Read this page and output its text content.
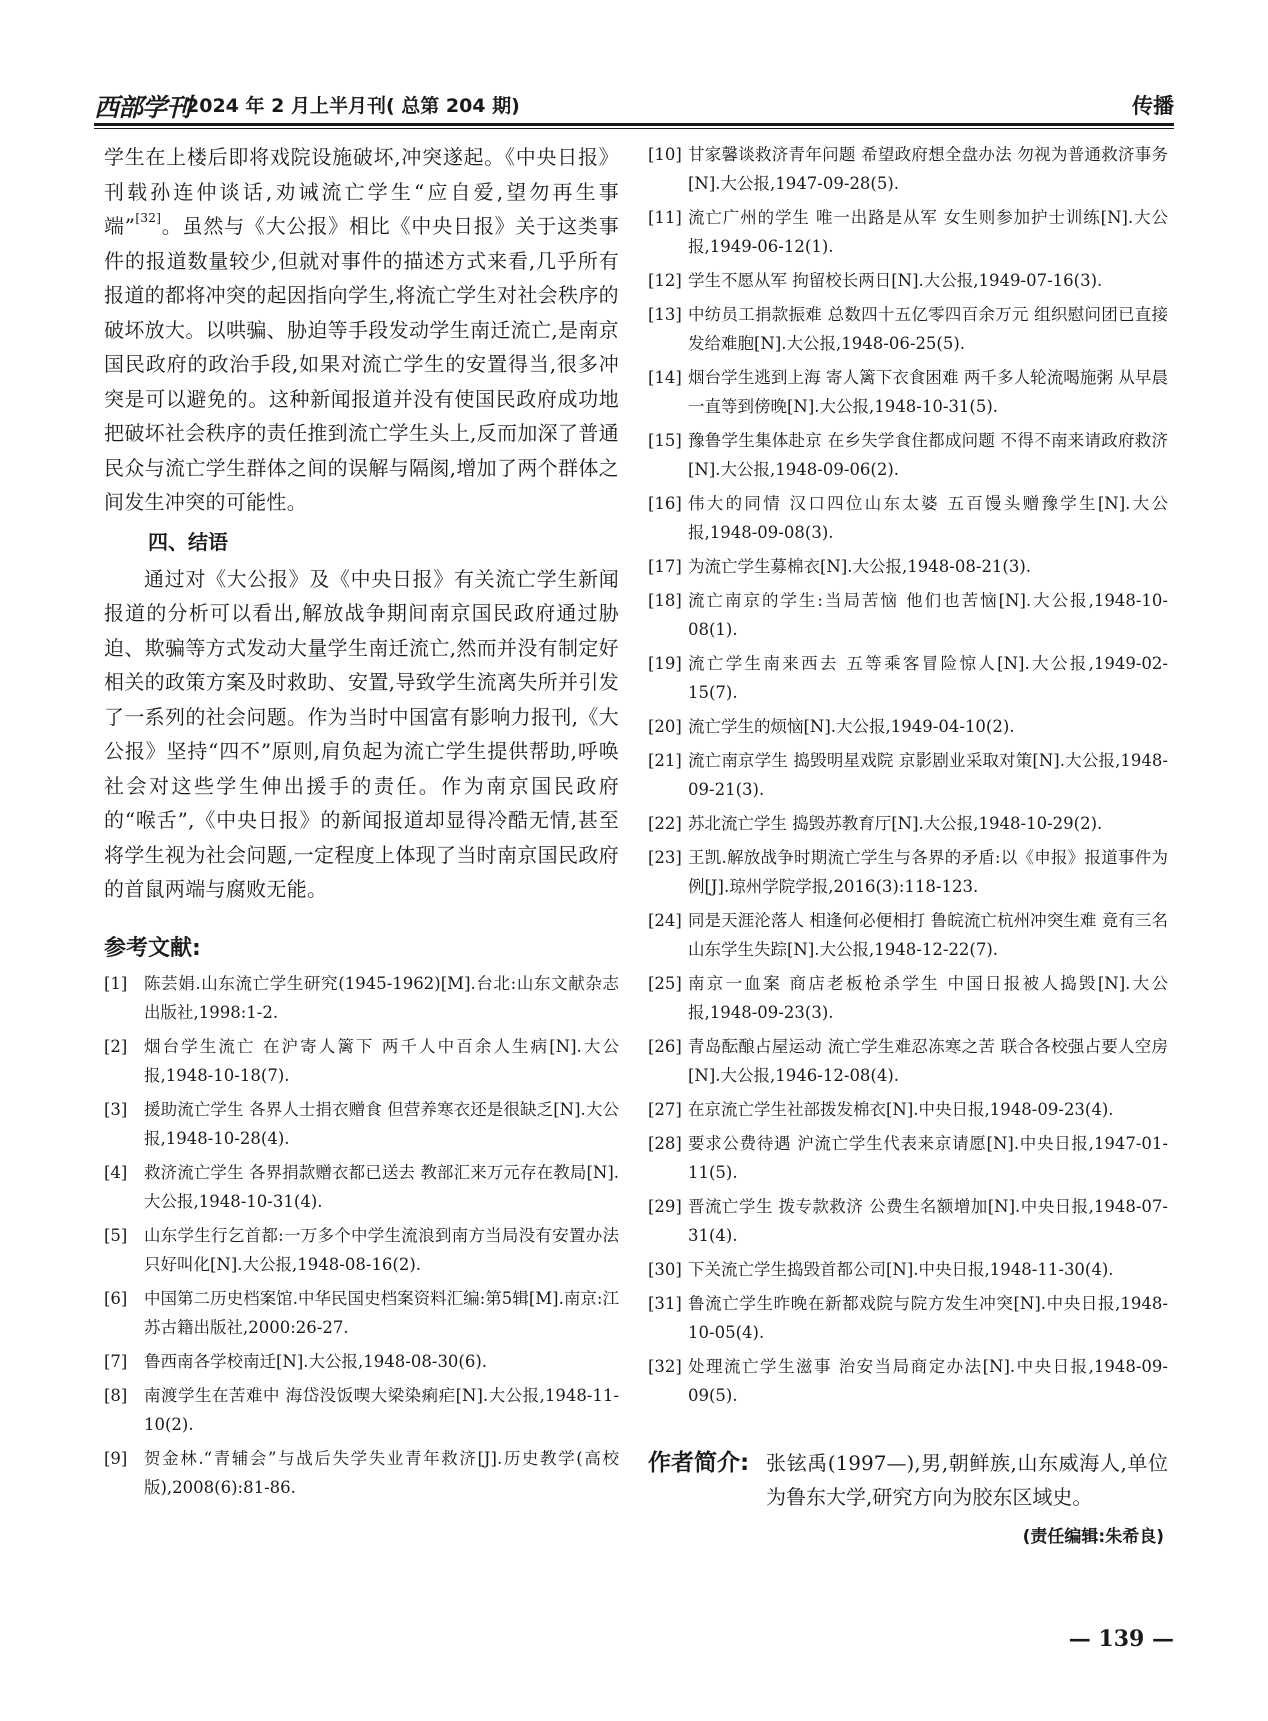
西部学刊
2024 年 2 月上半月刊( 总第 204 期)	传播

学生在上楼后即将戏院设施破坏,冲突遂起。《中央日报》刊载孙连仲谈话,劝诫流亡学生“应自爱,望勿再生事端”[32]。虽然与《大公报》相比《中央日报》关于这类事件的报道数量较少,但就对事件的描述方式来看,几乎所有报道的都将冲突的起因指向学生,将流亡学生对社会秩序的破坏放大。以哄骗、胁迫等手段发动学生南迁流亡,是南京国民政府的政治手段,如果对流亡学生的安置得当,很多冲突是可以避免的。这种新闻报道并没有使国民政府成功地把破坏社会秩序的责任推到流亡学生头上,反而加深了普通民众与流亡学生群体之间的误解与隔阂,增加了两个群体之间发生冲突的可能性。

四、结语

通过对《大公报》及《中央日报》有关流亡学生新闻报道的分析可以看出,解放战争期间南京国民政府通过胁迫、欺骗等方式发动大量学生南迁流亡,然而并没有制定好相关的政策方案及时救助、安置,导致学生流离失所并引发了一系列的社会问题。作为当时中国富有影响力报刊,《大公报》坚持“四不”原则,肩负起为流亡学生提供帮助,呼唤社会对这些学生伸出援手的责任。作为南京国民政府的“喉舌”,《中央日报》的新闻报道却显得冷酷无情,甚至将学生视为社会问题,一定程度上体现了当时南京国民政府的首鼠两端与腐败无能。

参考文献:

[1] 陈芸娟.山东流亡学生研究(1945-1962)[M].台北:山东文献杂志出版社,1998:1-2.

[2] 烟台学生流亡 在沪寄人篱下 两千人中百余人生病[N].大公报,1948-10-18(7).

[3] 援助流亡学生 各界人士捐衣赠食 但营养寒衣还是很缺乏[N].大公报,1948-10-28(4).

[4] 救济流亡学生 各界捐款赠衣都已送去 教部汇来万元存在教局[N].大公报,1948-10-31(4).

[5] 山东学生行乞首都:一万多个中学生流浪到南方当局没有安置办法只好叫化[N].大公报,1948-08-16(2).

[6] 中国第二历史档案馆.中华民国史档案资料汇编:第5辑[M].南京:江苏古籍出版社,2000:26-27.

[7] 鲁西南各学校南迁[N].大公报,1948-08-30(6).

[8] 南渡学生在苦难中 海岱没饭喫大梁染痢疟[N].大公报,1948-11-10(2).

[9] 贺金林.“青辅会”与战后失学失业青年救济[J].历史教学(高校版),2008(6):81-86.

[10] 甘家馨谈救济青年问题 希望政府想全盘办法 勿视为普通救济事务[N].大公报,1947-09-28(5).

[11] 流亡广州的学生 唯一出路是从军 女生则参加护士训练[N].大公报,1949-06-12(1).

[12] 学生不愿从军 拘留校长两日[N].大公报,1949-07-16(3).

[13] 中纺员工捐款振难 总数四十五亿零四百余万元 组织慰问团已直接发给难胞[N].大公报,1948-06-25(5).

[14] 烟台学生逃到上海 寄人篱下衣食困难 两千多人轮流喝施粥 从早晨一直等到傍晚[N].大公报,1948-10-31(5).

[15] 豫鲁学生集体赴京 在乡失学食住都成问题 不得不南来请政府救济[N].大公报,1948-09-06(2).

[16] 伟大的同情 汉口四位山东太婆 五百馒头赠豫学生[N].大公报,1948-09-08(3).

[17] 为流亡学生募棉衣[N].大公报,1948-08-21(3).

[18] 流亡南京的学生:当局苦恼 他们也苦恼[N].大公报,1948-10-08(1).

[19] 流亡学生南来西去 五等乘客冒险惊人[N].大公报,1949-02-15(7).

[20] 流亡学生的烦恼[N].大公报,1949-04-10(2).

[21] 流亡南京学生 捣毁明星戏院 京影剧业采取对策[N].大公报,1948-09-21(3).

[22] 苏北流亡学生 捣毁苏教育厅[N].大公报,1948-10-29(2).

[23] 王凯.解放战争时期流亡学生与各界的矛盾:以《申报》报道事件为例[J].琼州学院学报,2016(3):118-123.

[24] 同是天涯沦落人 相逢何必便相打 鲁皖流亡杭州冲突生难 竟有三名山东学生失踪[N].大公报,1948-12-22(7).

[25] 南京一血案 商店老板枪杀学生 中国日报被人捣毁[N].大公报,1948-09-23(3).

[26] 青岛酝酿占屋运动 流亡学生难忍冻寒之苦 联合各校强占要人空房[N].大公报,1946-12-08(4).

[27] 在京流亡学生社部拨发棉衣[N].中央日报,1948-09-23(4).

[28] 要求公费待遇 沪流亡学生代表来京请愿[N].中央日报,1947-01-11(5).

[29] 晋流亡学生 拨专款救济 公费生名额增加[N].中央日报,1948-07-31(4).

[30] 下关流亡学生捣毁首都公司[N].中央日报,1948-11-30(4).

[31] 鲁流亡学生昨晚在新都戏院与院方发生冲突[N].中央日报,1948-10-05(4).

[32] 处理流亡学生滋事 治安当局商定办法[N].中央日报,1948-09-09(5).

作者简介: 张铉禹(1997—),男,朝鲜族,山东威海人,单位为鲁东大学,研究方向为胶东区域史。
(责任编辑:朱希良)
— 139 —
